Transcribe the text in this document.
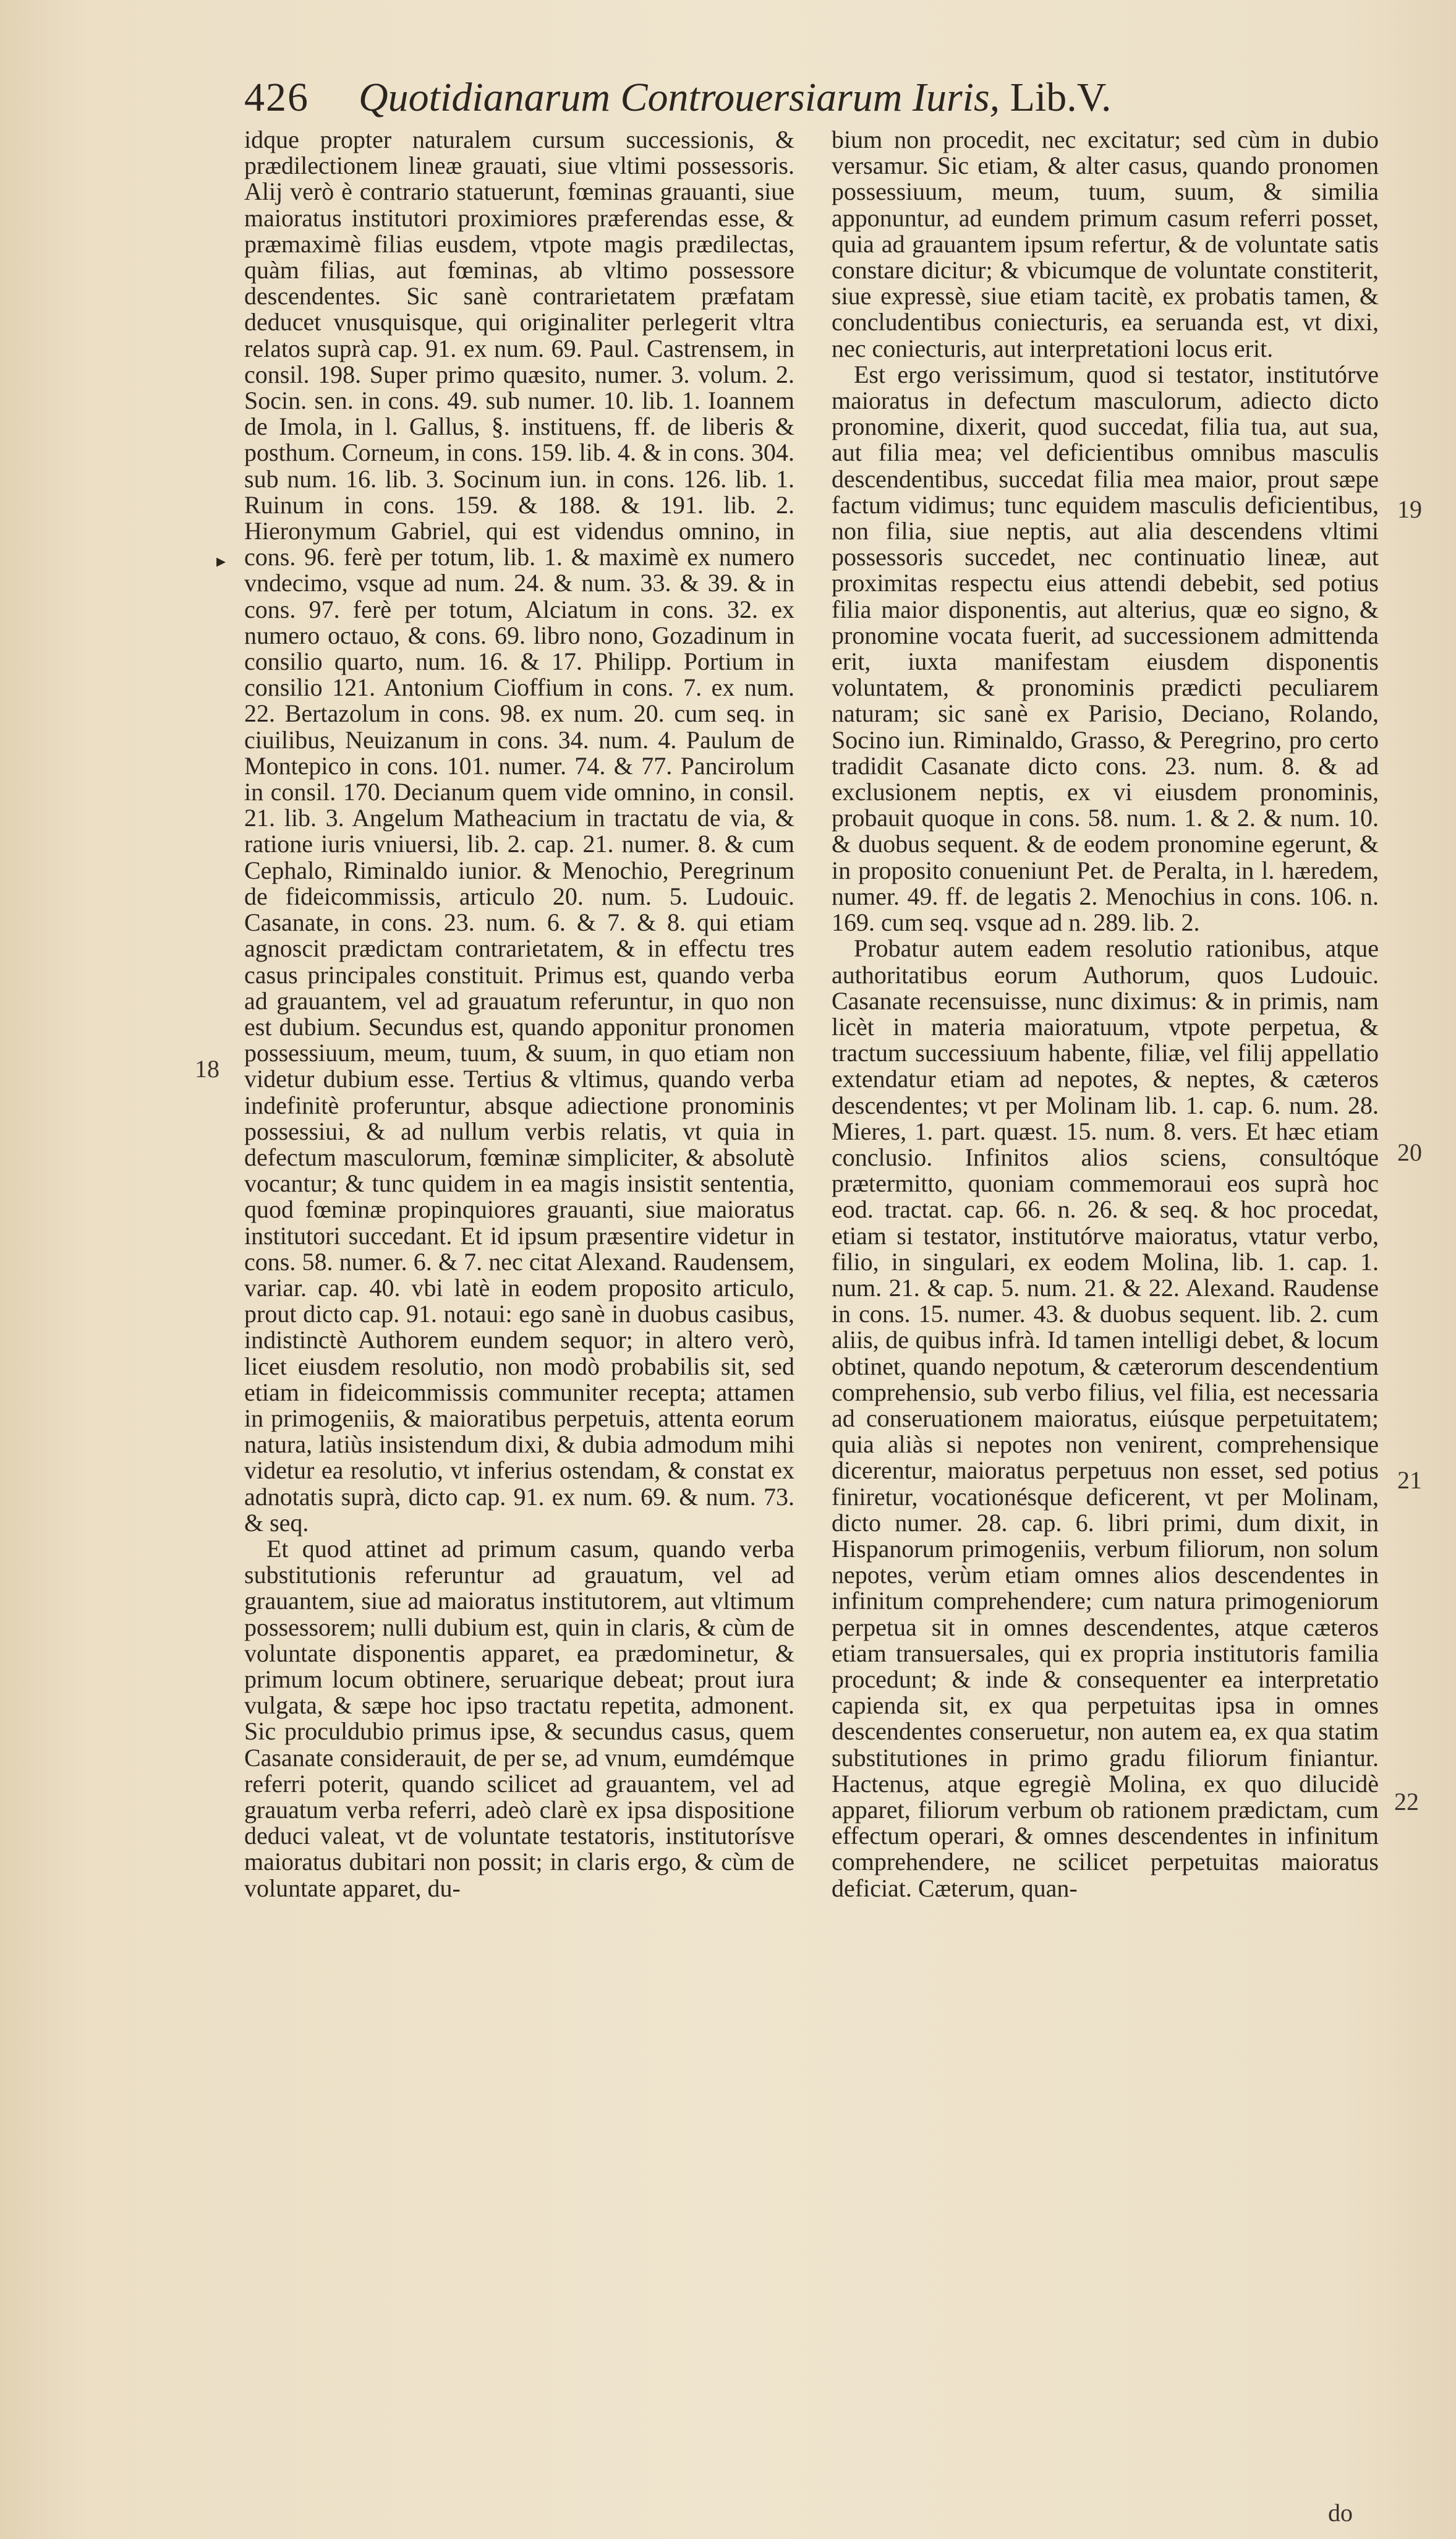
426 Quotidianarum Controuersiarum Iuris, Lib.V.
▸

idque propter naturalem cursum successionis, & prædilectionem lineæ grauati, siue vltimi possessoris. Alij verò è contrario statuerunt, fœminas grauanti, siue maioratus institutori proximiores præferendas esse, & præmaximè filias eusdem, vtpote magis prædilectas, quàm filias, aut fœminas, ab vltimo possessore descendentes. Sic sanè contrarietatem præfatam deducet vnusquisque, qui originaliter perlegerit vltra relatos suprà cap. 91. ex num. 69. Paul. Castrensem, in consil. 198. Super primo quæsito, numer. 3. volum. 2. Socin. sen. in cons. 49. sub numer. 10. lib. 1. Ioannem de Imola, in l. Gallus, §. instituens, ff. de liberis & posthum. Corneum, in cons. 159. lib. 4. & in cons. 304. sub num. 16. lib. 3. Socinum iun. in cons. 126. lib. 1. Ruinum in cons. 159. & 188. & 191. lib. 2. Hieronymum Gabriel, qui est videndus omnino, in cons. 96. ferè per totum, lib. 1. & maximè ex numero vndecimo, vsque ad num. 24. & num. 33. & 39. & in cons. 97. ferè per totum, Alciatum in cons. 32. ex numero octauo, & cons. 69. libro nono, Gozadinum in consilio quarto, num. 16. & 17. Philipp. Portium in consilio 121. Antonium Cioffium in cons. 7. ex num. 22. Bertazolum in cons. 98. ex num. 20. cum seq. in ciuilibus, Neuizanum in cons. 34. num. 4. Paulum de Montepico in cons. 101. numer. 74. & 77. Pancirolum in consil. 170. Decianum quem vide omnino, in consil. 21. lib. 3. Angelum Matheacium in tractatu de via, & ratione iuris vniuersi, lib. 2. cap. 21. numer. 8. & cum Cephalo, Riminaldo iunior. & Menochio, Peregrinum de fideicommissis, articulo 20. num. 5. Ludouic. Casanate, in cons. 23. num. 6. & 7. & 8. qui etiam agnoscit prædictam contrarietatem, & in effectu tres casus principales constituit. Primus est, quando verba ad grauantem, vel ad grauatum referuntur, in quo non est dubium. Secundus est, quando apponitur pronomen possessiuum, meum, tuum, & suum, in quo etiam non videtur dubium esse. Tertius & vltimus, quando verba indefinitè proferuntur, absque adiectione pronominis possessiui, & ad nullum verbis relatis, vt quia in defectum masculorum, fœminæ simpliciter, & absolutè vocantur; & tunc quidem in ea magis insistit sententia, quod fœminæ propinquiores grauanti, siue maioratus institutori succedant. Et id ipsum præsentire videtur in cons. 58. numer. 6. & 7. nec citat Alexand. Raudensem, variar. cap. 40. vbi latè in eodem proposito articulo, prout dicto cap. 91. notaui: ego sanè in duobus casibus, indistinctè Authorem eundem sequor; in altero verò, licet eiusdem resolutio, non modò probabilis sit, sed etiam in fideicommissis communiter recepta; attamen in primogeniis, & maioratibus perpetuis, attenta eorum natura, latiùs insistendum dixi, & dubia admodum mihi videtur ea resolutio, vt inferius ostendam, & constat ex adnotatis suprà, dicto cap. 91. ex num. 69. & num. 73. & seq.

Et quod attinet ad primum casum, quando verba substitutionis referuntur ad grauatum, vel ad grauantem, siue ad maioratus institutorem, aut vltimum possessorem; nulli dubium est, quin in claris, & cùm de voluntate disponentis apparet, ea prædominetur, & primum locum obtinere, seruarique debeat; prout iura vulgata, & sæpe hoc ipso tractatu repetita, admonent. Sic proculdubio primus ipse, & secundus casus, quem Casanate considerauit, de per se, ad vnum, eumdémque referri poterit, quando scilicet ad grauantem, vel ad grauatum verba referri, adeò clarè ex ipsa dispositione deduci valeat, vt de voluntate testatoris, institutorísve maioratus dubitari non possit; in claris ergo, & cùm de voluntate apparet, du-

bium non procedit, nec excitatur; sed cùm in dubio versamur. Sic etiam, & alter casus, quando pronomen possessiuum, meum, tuum, suum, & similia apponuntur, ad eundem primum casum referri posset, quia ad grauantem ipsum refertur, & de voluntate satis constare dicitur; & vbicumque de voluntate constiterit, siue expressè, siue etiam tacitè, ex probatis tamen, & concludentibus coniecturis, ea seruanda est, vt dixi, nec coniecturis, aut interpretationi locus erit.

Est ergo verissimum, quod si testator, institutórve maioratus in defectum masculorum, adiecto dicto pronomine, dixerit, quod succedat, filia tua, aut sua, aut filia mea; vel deficientibus omnibus masculis descendentibus, succedat filia mea maior, prout sæpe factum vidimus; tunc equidem masculis deficientibus, non filia, siue neptis, aut alia descendens vltimi possessoris succedet, nec continuatio lineæ, aut proximitas respectu eius attendi debebit, sed potius filia maior disponentis, aut alterius, quæ eo signo, & pronomine vocata fuerit, ad successionem admittenda erit, iuxta manifestam eiusdem disponentis voluntatem, & pronominis prædicti peculiarem naturam; sic sanè ex Parisio, Deciano, Rolando, Socino iun. Riminaldo, Grasso, & Peregrino, pro certo tradidit Casanate dicto cons. 23. num. 8. & ad exclusionem neptis, ex vi eiusdem pronominis, probauit quoque in cons. 58. num. 1. & 2. & num. 10. & duobus sequent. & de eodem pronomine egerunt, & in proposito conueniunt Pet. de Peralta, in l. hæredem, numer. 49. ff. de legatis 2. Menochius in cons. 106. n. 169. cum seq. vsque ad n. 289. lib. 2.

Probatur autem eadem resolutio rationibus, atque authoritatibus eorum Authorum, quos Ludouic. Casanate recensuisse, nunc diximus: & in primis, nam licèt in materia maioratuum, vtpote perpetua, & tractum successiuum habente, filiæ, vel filij appellatio extendatur etiam ad nepotes, & neptes, & cæteros descendentes; vt per Molinam lib. 1. cap. 6. num. 28. Mieres, 1. part. quæst. 15. num. 8. vers. Et hæc etiam conclusio. Infinitos alios sciens, consultóque prætermitto, quoniam commemoraui eos suprà hoc eod. tractat. cap. 66. n. 26. & seq. & hoc procedat, etiam si testator, institutórve maioratus, vtatur verbo, filio, in singulari, ex eodem Molina, lib. 1. cap. 1. num. 21. & cap. 5. num. 21. & 22. Alexand. Raudense in cons. 15. numer. 43. & duobus sequent. lib. 2. cum aliis, de quibus infrà. Id tamen intelligi debet, & locum obtinet, quando nepotum, & cæterorum descendentium comprehensio, sub verbo filius, vel filia, est necessaria ad conseruationem maioratus, eiúsque perpetuitatem; quia aliàs si nepotes non venirent, comprehensique dicerentur, maioratus perpetuus non esset, sed potius finiretur, vocationésque deficerent, vt per Molinam, dicto numer. 28. cap. 6. libri primi, dum dixit, in Hispanorum primogeniis, verbum filiorum, non solum nepotes, verùm etiam omnes alios descendentes in infinitum comprehendere; cum natura primogeniorum perpetua sit in omnes descendentes, atque cæteros etiam transuersales, qui ex propria institutoris familia procedunt; & inde & consequenter ea interpretatio capienda sit, ex qua perpetuitas ipsa in omnes descendentes conseruetur, non autem ea, ex qua statim substitutiones in primo gradu filiorum finiantur. Hactenus, atque egregiè Molina, ex quo dilucidè apparet, filiorum verbum ob rationem prædictam, cum effectum operari, & omnes descendentes in infinitum comprehendere, ne scilicet perpetuitas maioratus deficiat. Cæterum, quan-

18
19
20
21
22
do
